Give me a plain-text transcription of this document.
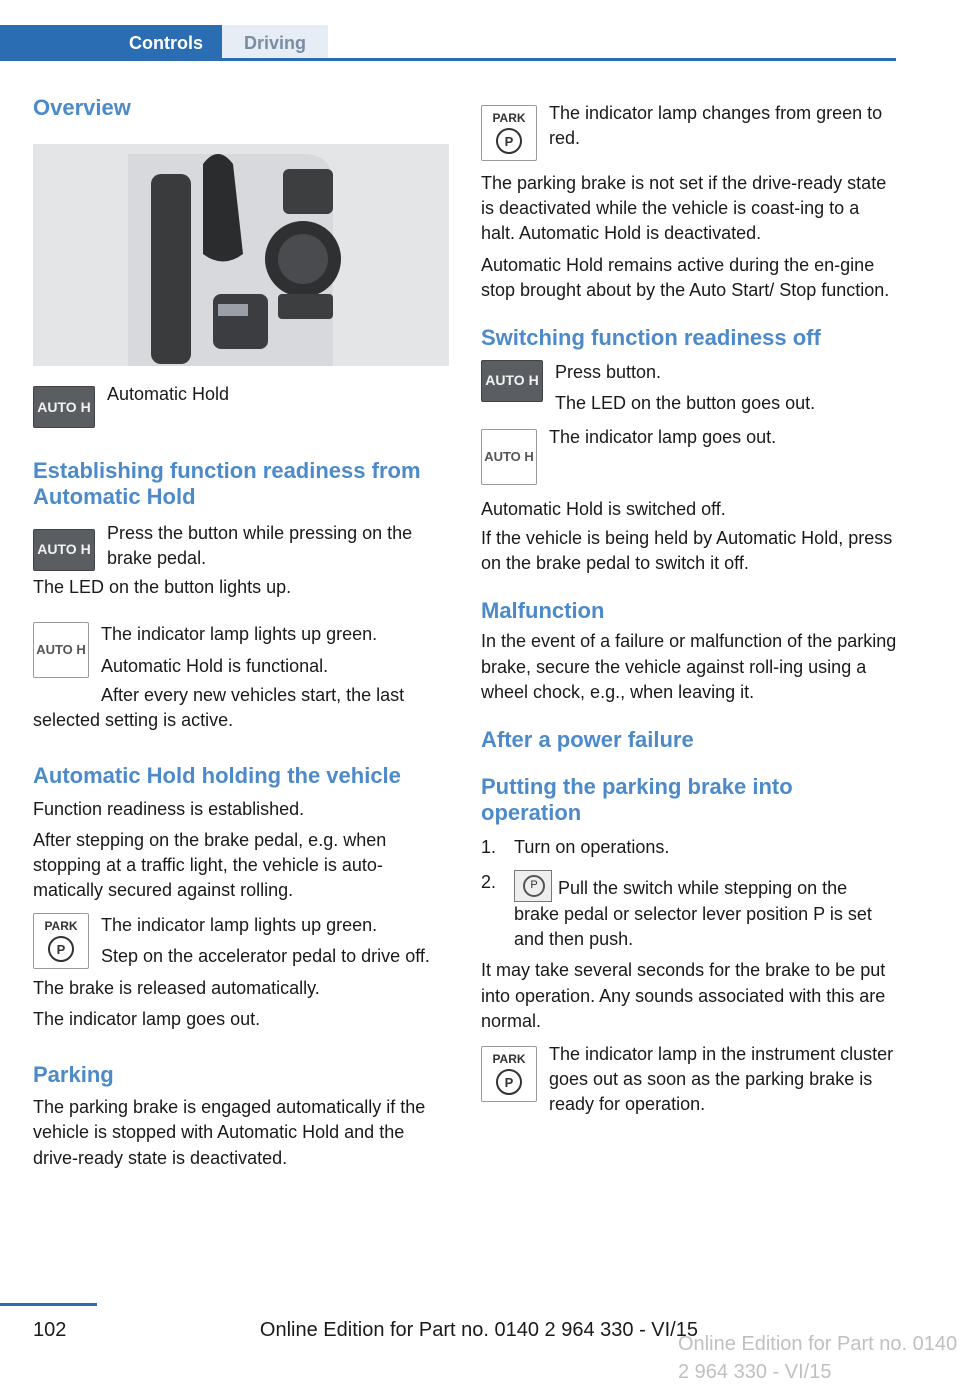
Controls	Driving
Overview
AUTO H

Automatic Hold

Establishing function readiness from Automatic Hold
AUTO H

Press the button while pressing on the brake pedal.

The LED on the button lights up.

AUTO H

The indicator lamp lights up green.

Automatic Hold is functional.

After every new vehicles start, the last selected setting is active.

Automatic Hold holding the vehicle

Function readiness is established.

After stepping on the brake pedal, e.g. when stopping at a traffic light, the vehicle is auto-matically secured against rolling.

PARK
P

The indicator lamp lights up green.

Step on the accelerator pedal to drive off.

The brake is released automatically.

The indicator lamp goes out.

Parking

The parking brake is engaged automatically if the vehicle is stopped with Automatic Hold and the drive-ready state is deactivated.

PARK
P

The indicator lamp changes from green to red.

The parking brake is not set if the drive-ready state is deactivated while the vehicle is coast-ing to a halt. Automatic Hold is deactivated.

Automatic Hold remains active during the en-gine stop brought about by the Auto Start/ Stop function.

Switching function readiness off
AUTO H Press button.

The LED on the button goes out.

AUTO H

The indicator lamp goes out.

Automatic Hold is switched off.

If the vehicle is being held by Automatic Hold, press on the brake pedal to switch it off.

Malfunction

In the event of a failure or malfunction of the parking brake, secure the vehicle against roll-ing using a wheel chock, e.g., when leaving it.

After a power failure
Putting the parking brake into operation
1. Turn on operations.
2.	P	Pull the switch while stepping on the brake pedal or selector lever position P is set and then push.

It may take several seconds for the brake to be put into operation. Any sounds associated with this are normal.

PARK
P

The indicator lamp in the instrument cluster goes out as soon as the parking brake is ready for operation.

102	Online Edition for Part no. 0140 2 964 330 - VI/15
Online Edition for Part no. 0140 2 964 330 - VI/15
